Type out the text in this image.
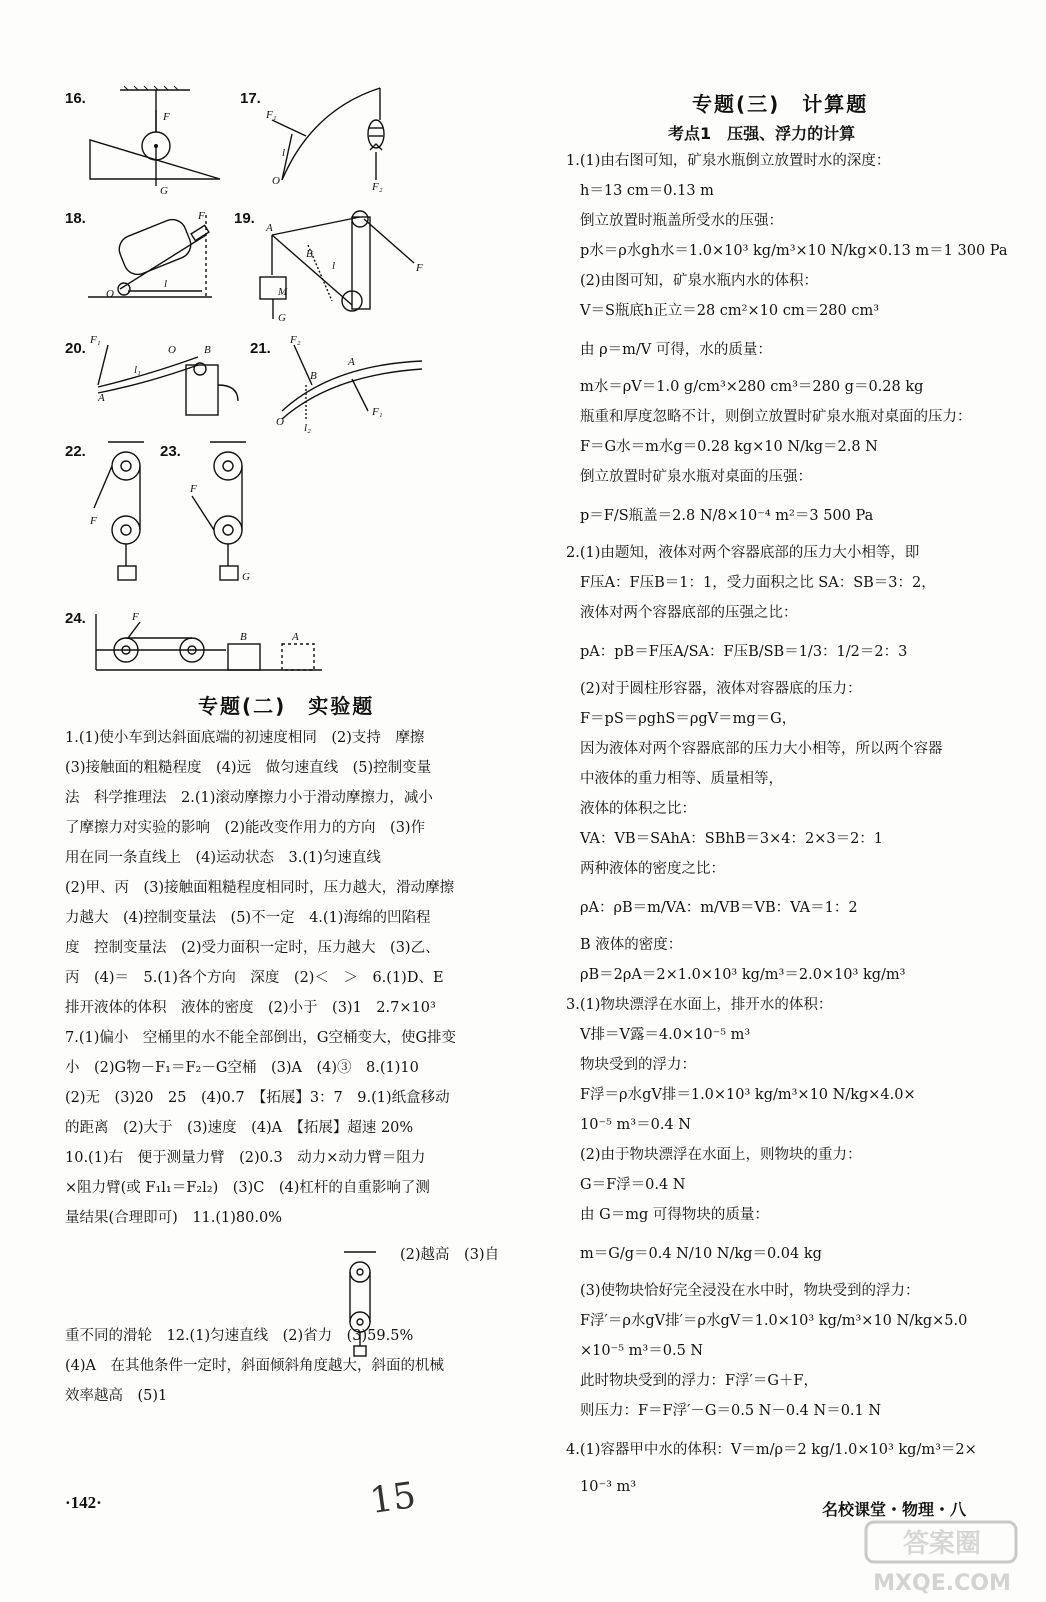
16.
F
G
17.
F₁
l
O	F₂
18.	F
O
l
19.
A
B
l	F
M
G
20. F₁
O	B
A
l₁
21. F₂
B
A
O l₂
F₁
22.
F
23.
F
G
24.	F
B	A
专题(二)　实验题
1.(1)使小车到达斜面底端的初速度相同　(2)支持　摩擦
(3)接触面的粗糙程度　(4)远　做匀速直线　(5)控制变量
法　科学推理法　2.(1)滚动摩擦力小于滑动摩擦力，减小
了摩擦力对实验的影响　(2)能改变作用力的方向　(3)作
用在同一条直线上　(4)运动状态　3.(1)匀速直线
(2)甲、丙　(3)接触面粗糙程度相同时，压力越大，滑动摩擦
力越大　(4)控制变量法　(5)不一定　4.(1)海绵的凹陷程
度　控制变量法　(2)受力面积一定时，压力越大　(3)乙、
丙　(4)＝　5.(1)各个方向　深度　(2)＜　＞　6.(1)D、E
排开液体的体积　液体的密度　(2)小于　(3)1　2.7×10³
7.(1)偏小　空桶里的水不能全部倒出，G空桶变大，使G排变
小　(2)G物－F₁＝F₂－G空桶　(3)A　(4)③　8.(1)10
(2)无　(3)20　25　(4)0.7　【拓展】3：7　9.(1)纸盒移动
的距离　(2)大于　(3)速度　(4)A　【拓展】超速 20%
10.(1)右　便于测量力臂　(2)0.3　动力×动力臂＝阻力
×阻力臂(或 F₁l₁＝F₂l₂)　(3)C　(4)杠杆的自重影响了测
量结果(合理即可)　11.(1)80.0%
重不同的滑轮　12.(1)匀速直线　(2)省力　(3)59.5%
(4)A　在其他条件一定时，斜面倾斜角度越大，斜面的机械
效率越高　(5)1
(2)越高　(3)自
专题(三)　计算题
考点1　压强、浮力的计算
1.(1)由右图可知，矿泉水瓶倒立放置时水的深度：
h＝13 cm＝0.13 m
倒立放置时瓶盖所受水的压强：
p水＝ρ水gh水＝1.0×10³ kg/m³×10 N/kg×0.13 m＝1 300 Pa
(2)由图可知，矿泉水瓶内水的体积：
V＝S瓶底h正立＝28 cm²×10 cm＝280 cm³
由 ρ＝m/V 可得，水的质量：
m水＝ρV＝1.0 g/cm³×280 cm³＝280 g＝0.28 kg
瓶重和厚度忽略不计，则倒立放置时矿泉水瓶对桌面的压力：
F＝G水＝m水g＝0.28 kg×10 N/kg＝2.8 N
倒立放置时矿泉水瓶对桌面的压强：
p＝F/S瓶盖＝2.8 N/8×10⁻⁴ m²＝3 500 Pa
2.(1)由题知，液体对两个容器底部的压力大小相等，即
F压A：F压B＝1：1，受力面积之比 SA：SB＝3：2，
液体对两个容器底部的压强之比：
pA：pB＝F压A/SA：F压B/SB＝1/3：1/2＝2：3
(2)对于圆柱形容器，液体对容器底的压力：
F＝pS＝ρghS＝ρgV＝mg＝G，
因为液体对两个容器底部的压力大小相等，所以两个容器
中液体的重力相等、质量相等，
液体的体积之比：
VA：VB＝SAhA：SBhB＝3×4：2×3＝2：1
两种液体的密度之比：
ρA：ρB＝m/VA：m/VB＝VB：VA＝1：2
B 液体的密度：
ρB＝2ρA＝2×1.0×10³ kg/m³＝2.0×10³ kg/m³
3.(1)物块漂浮在水面上，排开水的体积：
V排＝V露＝4.0×10⁻⁵ m³
物块受到的浮力：
F浮＝ρ水gV排＝1.0×10³ kg/m³×10 N/kg×4.0×
10⁻⁵ m³＝0.4 N
(2)由于物块漂浮在水面上，则物块的重力：
G＝F浮＝0.4 N
由 G＝mg 可得物块的质量：
m＝G/g＝0.4 N/10 N/kg＝0.04 kg
(3)使物块恰好完全浸没在水中时，物块受到的浮力：
F浮′＝ρ水gV排′＝ρ水gV＝1.0×10³ kg/m³×10 N/kg×5.0
×10⁻⁵ m³＝0.5 N
此时物块受到的浮力：F浮′＝G＋F，
则压力：F＝F浮′－G＝0.5 N－0.4 N＝0.1 N
4.(1)容器甲中水的体积：V＝m/ρ＝2 kg/1.0×10³ kg/m³＝2×
10⁻³ m³
·142·	15	名校课堂・物理・八
答案圈
MXQE.COM
